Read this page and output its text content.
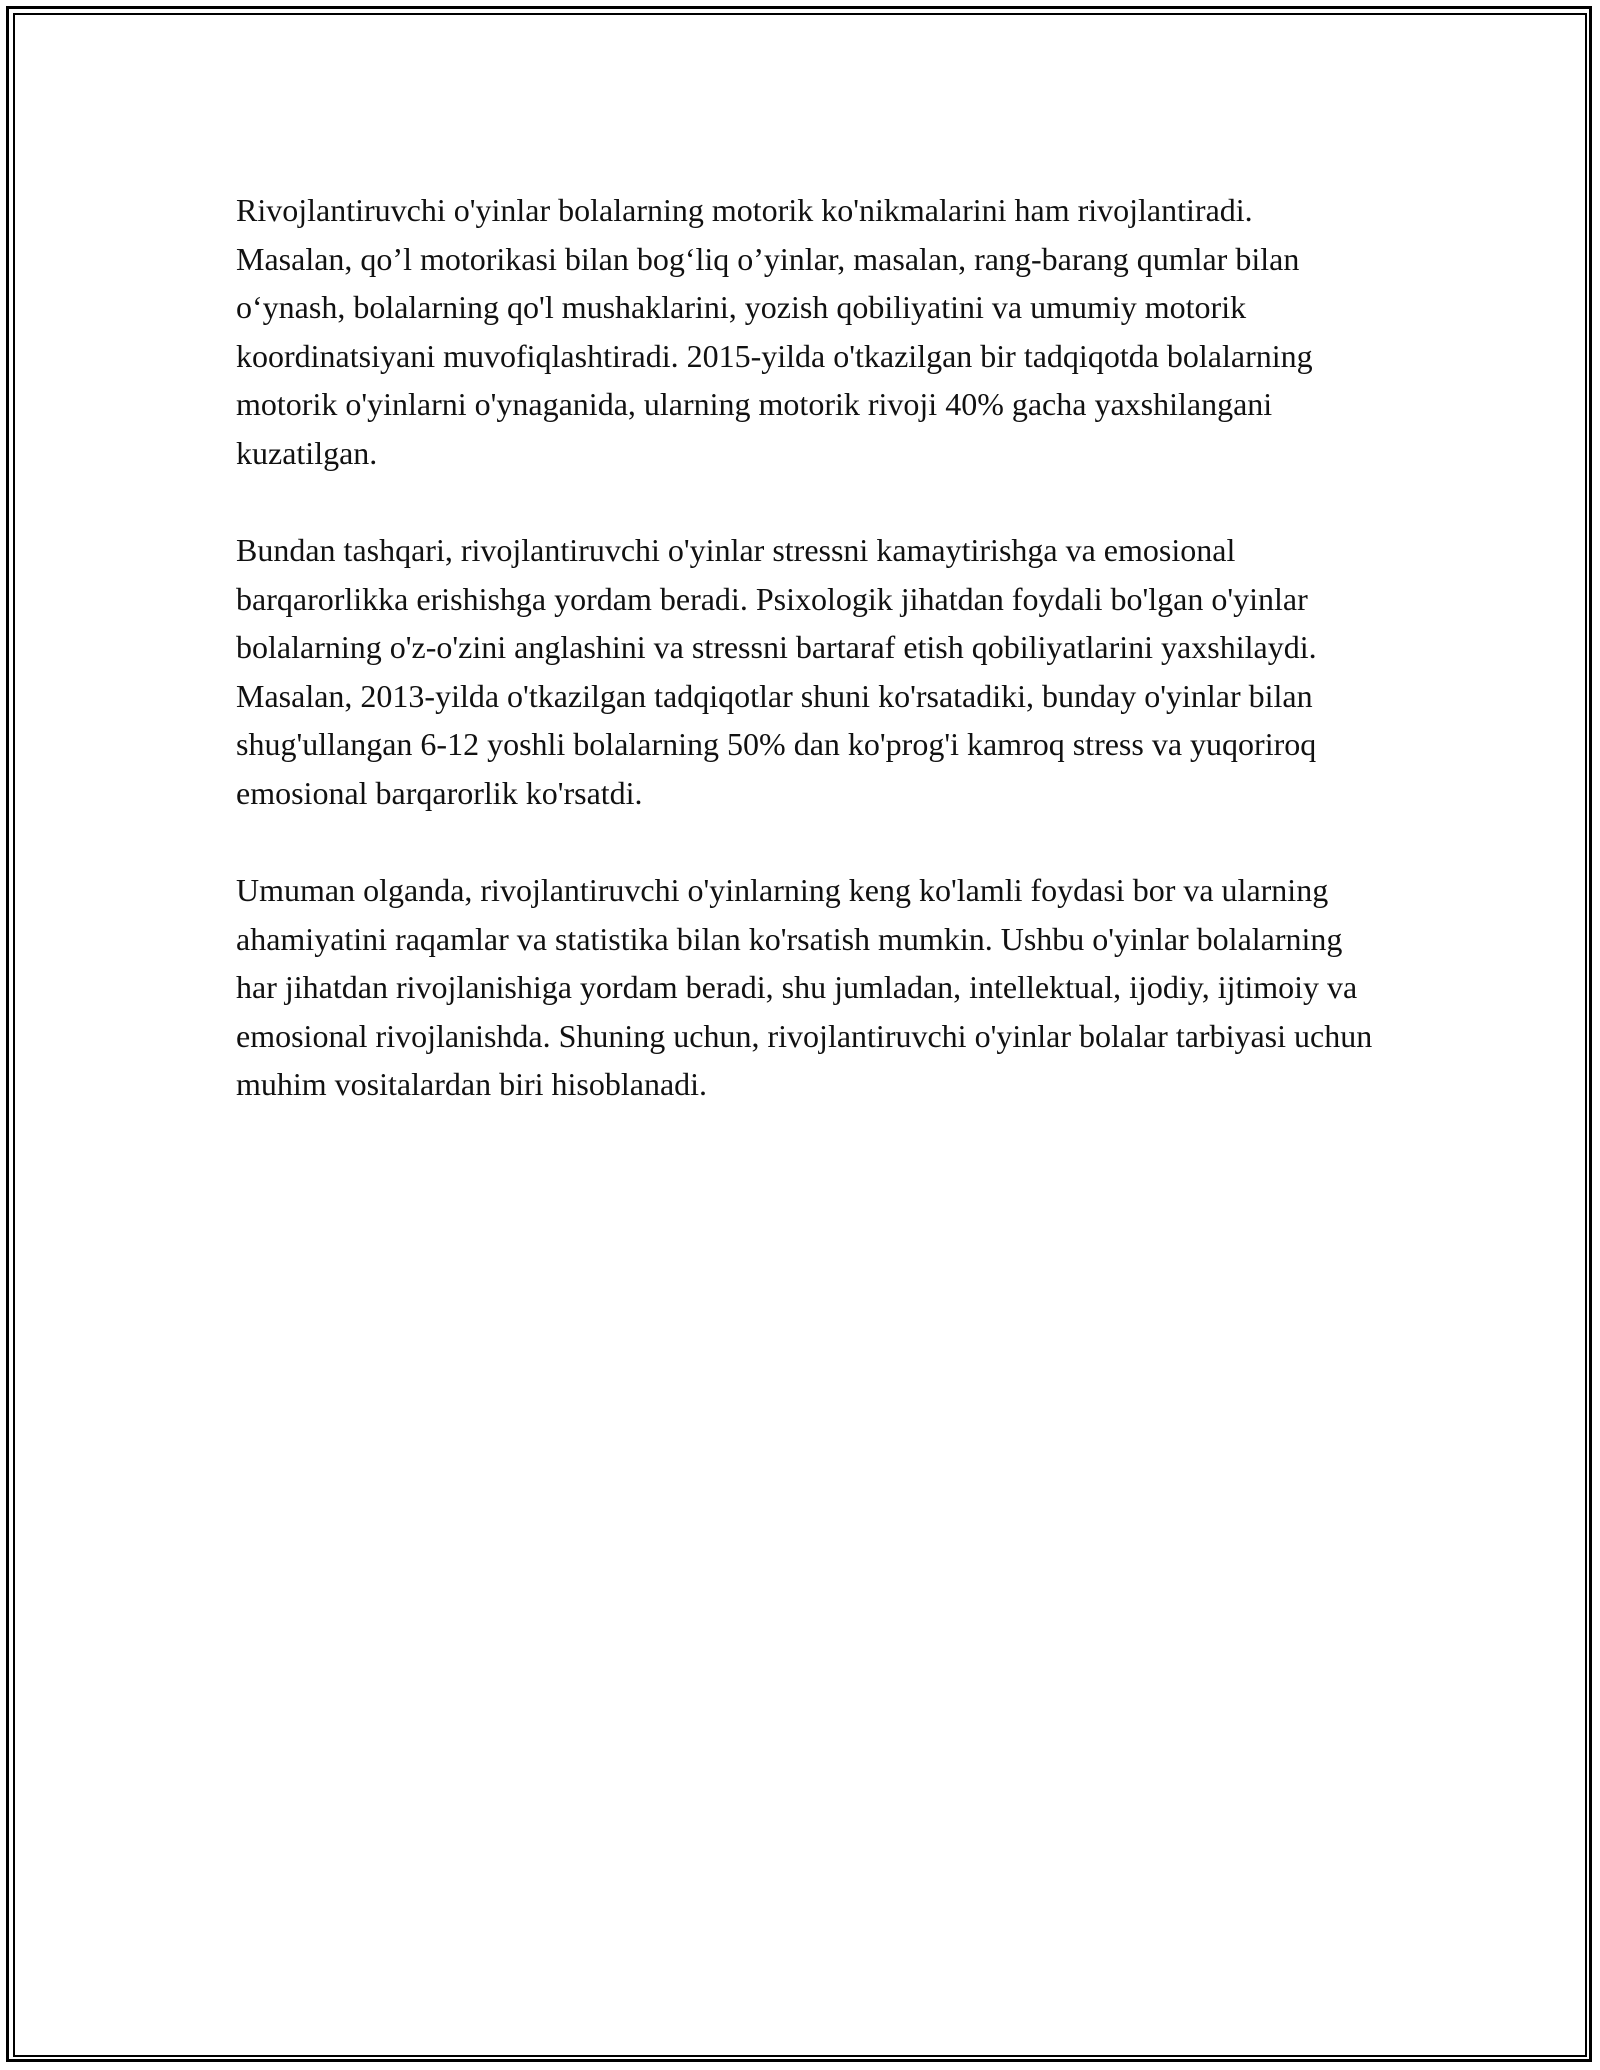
Rivojlantiruvchi o'yinlar bolalarning motorik ko'nikmalarini ham rivojlantiradi. Masalan, qo’l motorikasi bilan bog‘liq o’yinlar, masalan, rang-barang qumlar bilan o‘ynash, bolalarning qo'l mushaklarini, yozish qobiliyatini va umumiy motorik koordinatsiyani muvofiqlashtiradi. 2015-yilda o'tkazilgan bir tadqiqotda bolalarning motorik o'yinlarni o'ynaganida, ularning motorik rivoji 40% gacha yaxshilangani kuzatilgan.

Bundan tashqari, rivojlantiruvchi o'yinlar stressni kamaytirishga va emosional barqarorlikka erishishga yordam beradi. Psixologik jihatdan foydali bo'lgan o'yinlar bolalarning o'z-o'zini anglashini va stressni bartaraf etish qobiliyatlarini yaxshilaydi. Masalan, 2013-yilda o'tkazilgan tadqiqotlar shuni ko'rsatadiki, bunday o'yinlar bilan shug'ullangan 6-12 yoshli bolalarning 50% dan ko'prog'i kamroq stress va yuqoriroq emosional barqarorlik ko'rsatdi.

Umuman olganda, rivojlantiruvchi o'yinlarning keng ko'lamli foydasi bor va ularning ahamiyatini raqamlar va statistika bilan ko'rsatish mumkin. Ushbu o'yinlar bolalarning har jihatdan rivojlanishiga yordam beradi, shu jumladan, intellektual, ijodiy, ijtimoiy va emosional rivojlanishda. Shuning uchun, rivojlantiruvchi o'yinlar bolalar tarbiyasi uchun muhim vositalardan biri hisoblanadi.
